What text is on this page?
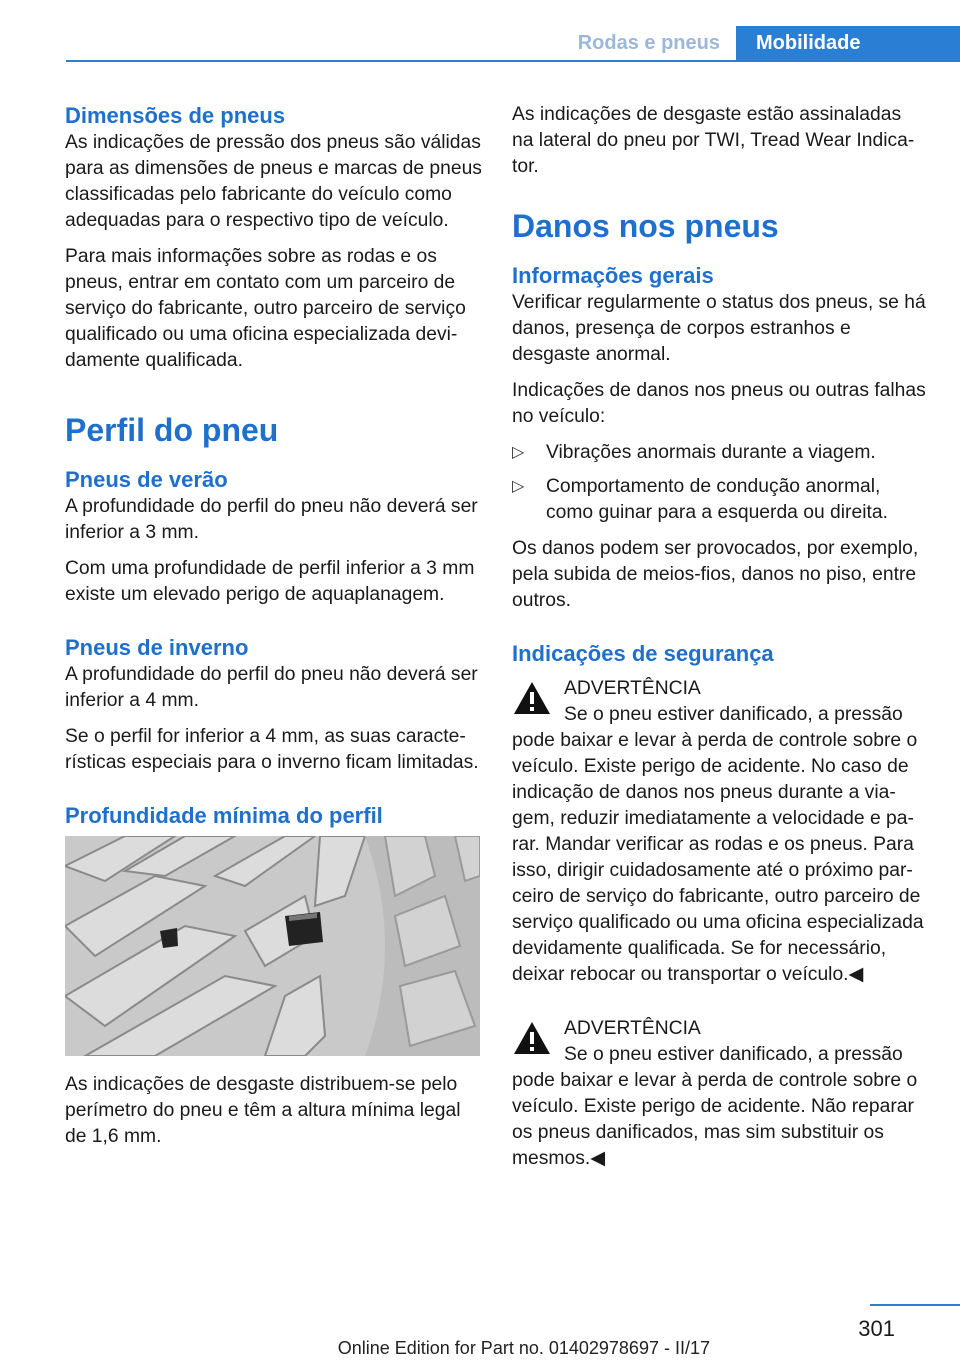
Rodas e pneus	Mobilidade
Dimensões de pneus

As indicações de pressão dos pneus são válidas para as dimensões de pneus e marcas de pneus classificadas pelo fabricante do veículo como adequadas para o respectivo tipo de veículo.

Para mais informações sobre as rodas e os pneus, entrar em contato com um parceiro de serviço do fabricante, outro parceiro de serviço qualificado ou uma oficina especializada devidamente qualificada.

Perfil do pneu
Pneus de verão

A profundidade do perfil do pneu não deverá ser inferior a 3 mm.

Com uma profundidade de perfil inferior a 3 mm existe um elevado perigo de aquaplanagem.

Pneus de inverno

A profundidade do perfil do pneu não deverá ser inferior a 4 mm.

Se o perfil for inferior a 4 mm, as suas características especiais para o inverno ficam limitadas.

Profundidade mínima do perfil

As indicações de desgaste distribuem-se pelo perímetro do pneu e têm a altura mínima legal de 1,6 mm.

As indicações de desgaste estão assinaladas na lateral do pneu por TWI, Tread Wear Indicator.

Danos nos pneus
Informações gerais

Verificar regularmente o status dos pneus, se há danos, presença de corpos estranhos e desgaste anormal.

Indicações de danos nos pneus ou outras falhas no veículo:

▷ Vibrações anormais durante a viagem.
▷ Comportamento de condução anormal, como guinar para a esquerda ou direita.

Os danos podem ser provocados, por exemplo, pela subida de meios-fios, danos no piso, entre outros.

Indicações de segurança
ADVERTÊNCIA

Se o pneu estiver danificado, a pressão pode baixar e levar à perda de controle sobre o veículo. Existe perigo de acidente. No caso de indicação de danos nos pneus durante a viagem, reduzir imediatamente a velocidade e parar. Mandar verificar as rodas e os pneus. Para isso, dirigir cuidadosamente até o próximo parceiro de serviço do fabricante, outro parceiro de serviço qualificado ou uma oficina especializada devidamente qualificada. Se for necessário, deixar rebocar ou transportar o veículo.◀

ADVERTÊNCIA

Se o pneu estiver danificado, a pressão pode baixar e levar à perda de controle sobre o veículo. Existe perigo de acidente. Não reparar os pneus danificados, mas sim substituir os mesmos.◀

301
Online Edition for Part no. 01402978697 - II/17
